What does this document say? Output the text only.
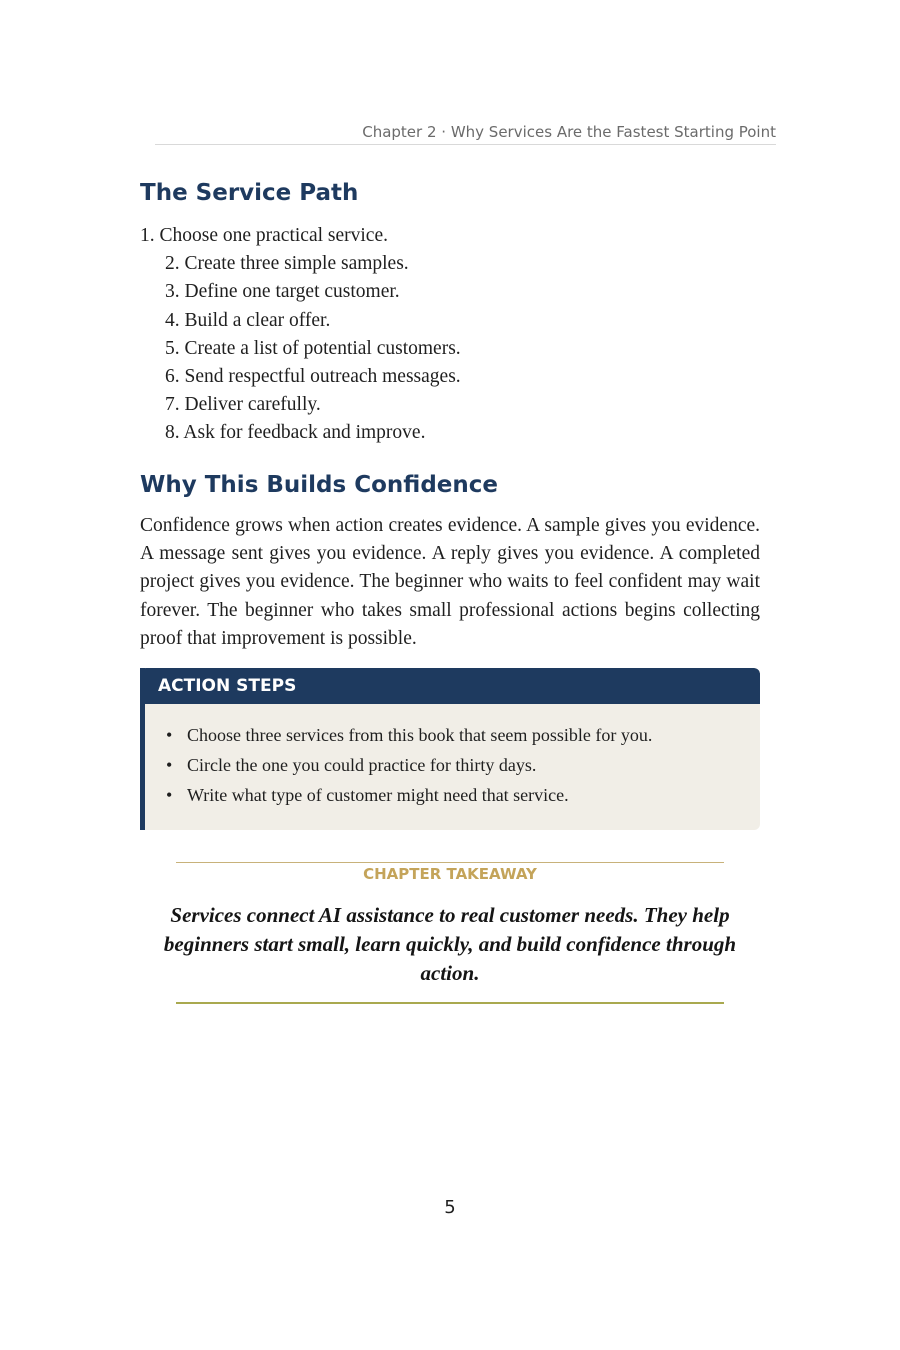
Chapter 2 · Why Services Are the Fastest Starting Point
The Service Path
1. Choose one practical service.
2. Create three simple samples.
3. Define one target customer.
4. Build a clear offer.
5. Create a list of potential customers.
6. Send respectful outreach messages.
7. Deliver carefully.
8. Ask for feedback and improve.
Why This Builds Confidence

Confidence grows when action creates evidence. A sample gives you evidence. A message sent gives you evidence. A reply gives you evidence. A completed project gives you evidence. The beginner who waits to feel confident may wait forever. The beginner who takes small professional actions begins collecting proof that improvement is possible.

ACTION STEPS
• Choose three services from this book that seem possible for you.
• Circle the one you could practice for thirty days.
• Write what type of customer might need that service.
CHAPTER TAKEAWAY

Services connect AI assistance to real customer needs. They help beginners start small, learn quickly, and build confidence through action.

5
